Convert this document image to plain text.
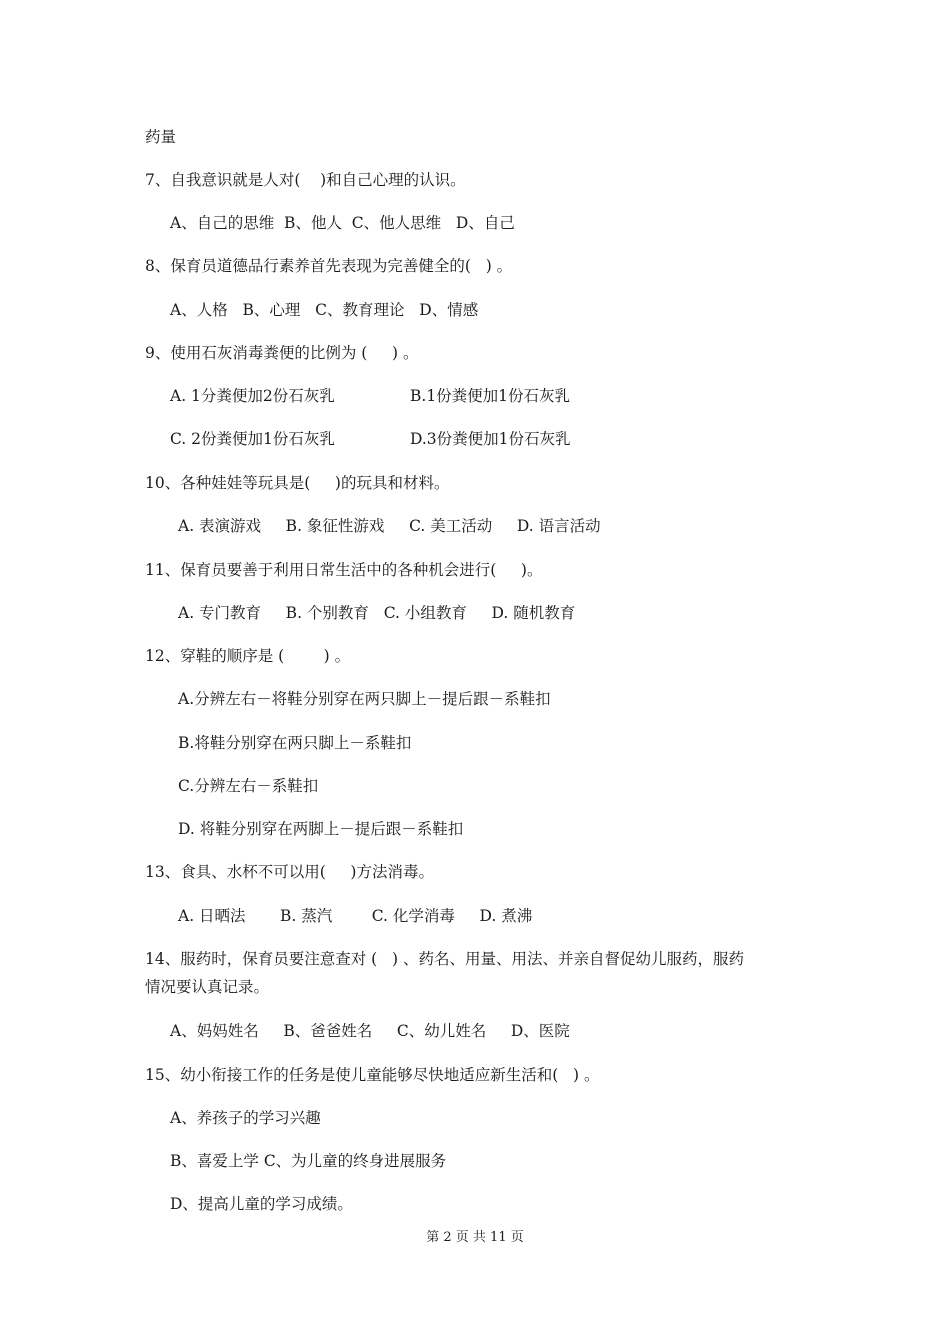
药量
7、自我意识就是人对(    )和自己心理的认识。
A、自己的思维  B、他人  C、他人思维   D、自己
8、保育员道德品行素养首先表现为完善健全的(   ) 。
A、人格   B、心理   C、教育理论   D、情感
9、使用石灰消毒粪便的比例为 (     ) 。
A. 1分粪便加2份石灰乳	B.1份粪便加1份石灰乳
C. 2份粪便加1份石灰乳	D.3份粪便加1份石灰乳
10、各种娃娃等玩具是(     )的玩具和材料。
A. 表演游戏     B. 象征性游戏     C. 美工活动     D. 语言活动
11、保育员要善于利用日常生活中的各种机会进行(     )。
A. 专门教育     B. 个别教育   C. 小组教育     D. 随机教育
12、穿鞋的顺序是 (        ) 。
A.分辨左右－将鞋分别穿在两只脚上－提后跟－系鞋扣
B.将鞋分别穿在两只脚上－系鞋扣
C.分辨左右－系鞋扣
D. 将鞋分别穿在两脚上－提后跟－系鞋扣
13、食具、水杯不可以用(     )方法消毒。
A. 日晒法       B. 蒸汽        C. 化学消毒     D. 煮沸
14、服药时，保育员要注意查对 (   ) 、药名、用量、用法、并亲自督促幼儿服药，服药
情况要认真记录。
A、妈妈姓名     B、爸爸姓名     C、幼儿姓名     D、医院
15、幼小衔接工作的任务是使儿童能够尽快地适应新生活和(   ) 。
A、养孩子的学习兴趣
B、喜爱上学 C、为儿童的终身进展服务
D、提高儿童的学习成绩。
第 2 页 共 11 页
